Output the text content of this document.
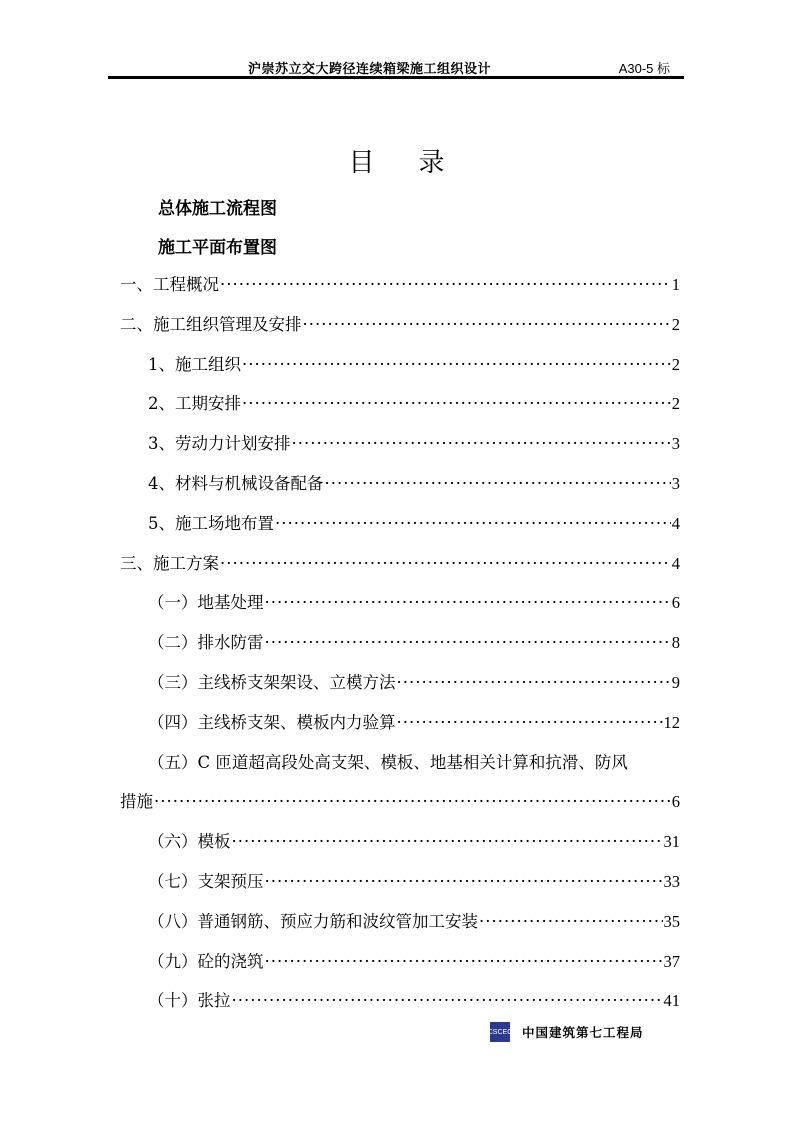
沪崇苏立交大跨径连续箱梁施工组织设计	A30-5 标
目 录
总体施工流程图
施工平面布置图
一、工程概况 ·····	1
二、施工组织管理及安排 ·····	2
1、施工组织 ·····	2
2、工期安排 ·····	2
3、劳动力计划安排 ·····	3
4、材料与机械设备配备 ·····	3
5、施工场地布置 ·····	4
三、施工方案 ·····	4
（一）地基处理 ·····	6
（二）排水防雷 ·····	8
（三）主线桥支架架设、立模方法 ·····	9
（四）主线桥支架、模板内力验算 ·····	12
（五）C 匝道超高段处高支架、模板、地基相关计算和抗滑、防风
措施 ·····	6
（六）模板 ·····	31
（七）支架预压 ·····	33
（八）普通钢筋、预应力筋和波纹管加工安装 ·····	35
（九）砼的浇筑 ·····	37
（十）张拉 ·····	41
CSCEC 中国建筑第七工程局
